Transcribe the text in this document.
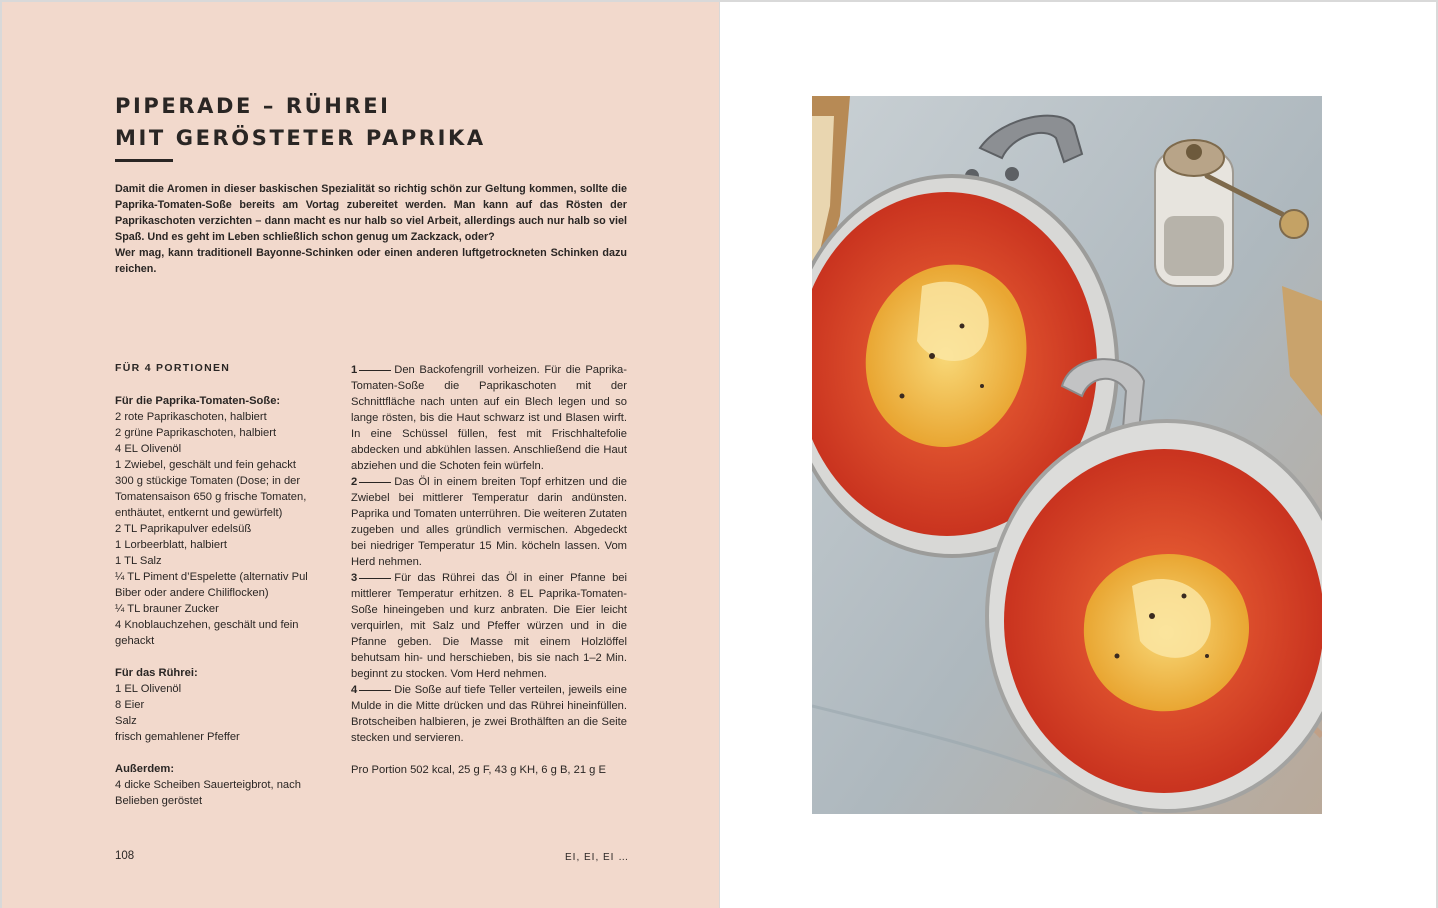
PIPERADE – RÜHREI
MIT GERÖSTETER PAPRIKA

Damit die Aromen in dieser baskischen Spezialität so richtig schön zur Geltung kommen, sollte die Paprika-Tomaten-Soße bereits am Vortag zubereitet werden. Man kann auf das Rösten der Paprikaschoten verzichten – dann macht es nur halb so viel Arbeit, allerdings auch nur halb so viel Spaß. Und es geht im Leben schließlich schon genug um Zackzack, oder?

Wer mag, kann traditionell Bayonne-Schinken oder einen anderen luftgetrockneten Schinken dazu reichen.

FÜR 4 PORTIONEN
Für die Paprika-Tomaten-Soße:
2 rote Paprikaschoten, halbiert
2 grüne Paprikaschoten, halbiert
4 EL Olivenöl
1 Zwiebel, geschält und fein gehackt
300 g stückige Tomaten (Dose; in der Tomatensaison 650 g frische Tomaten, enthäutet, entkernt und gewürfelt)
2 TL Paprikapulver edelsüß
1 Lorbeerblatt, halbiert
1 TL Salz
¼ TL Piment d’Espelette (alternativ Pul Biber oder andere Chiliflocken)
¼ TL brauner Zucker
4 Knoblauchzehen, geschält und fein gehackt
Für das Rührei:
1 EL Olivenöl
8 Eier
Salz
frisch gemahlener Pfeffer
Außerdem:
4 dicke Scheiben Sauerteigbrot, nach Belieben geröstet

1	Den Backofengrill vorheizen. Für die Paprika-Tomaten-Soße die Paprikaschoten mit der Schnittfläche nach unten auf ein Blech legen und so lange rösten, bis die Haut schwarz ist und Blasen wirft. In eine Schüssel füllen, fest mit Frischhaltefolie abdecken und abkühlen lassen. Anschließend die Haut abziehen und die Schoten fein würfeln.

2	Das Öl in einem breiten Topf erhitzen und die Zwiebel bei mittlerer Temperatur darin andünsten. Paprika und Tomaten unterrühren. Die weiteren Zutaten zugeben und alles gründlich vermischen. Abgedeckt bei niedriger Temperatur 15 Min. köcheln lassen. Vom Herd nehmen.

3	Für das Rührei das Öl in einer Pfanne bei mittlerer Temperatur erhitzen. 8 EL Paprika-Tomaten-Soße hineingeben und kurz anbraten. Die Eier leicht verquirlen, mit Salz und Pfeffer würzen und in die Pfanne geben. Die Masse mit einem Holzlöffel behutsam hin- und herschieben, bis sie nach 1–2 Min. beginnt zu stocken. Vom Herd nehmen.

4	Die Soße auf tiefe Teller verteilen, jeweils eine Mulde in die Mitte drücken und das Rührei hineinfüllen. Brotscheiben halbieren, je zwei Brothälften an die Seite stecken und servieren.

Pro Portion 502 kcal, 25 g F, 43 g KH, 6 g B, 21 g E

108	EI, EI, EI …
